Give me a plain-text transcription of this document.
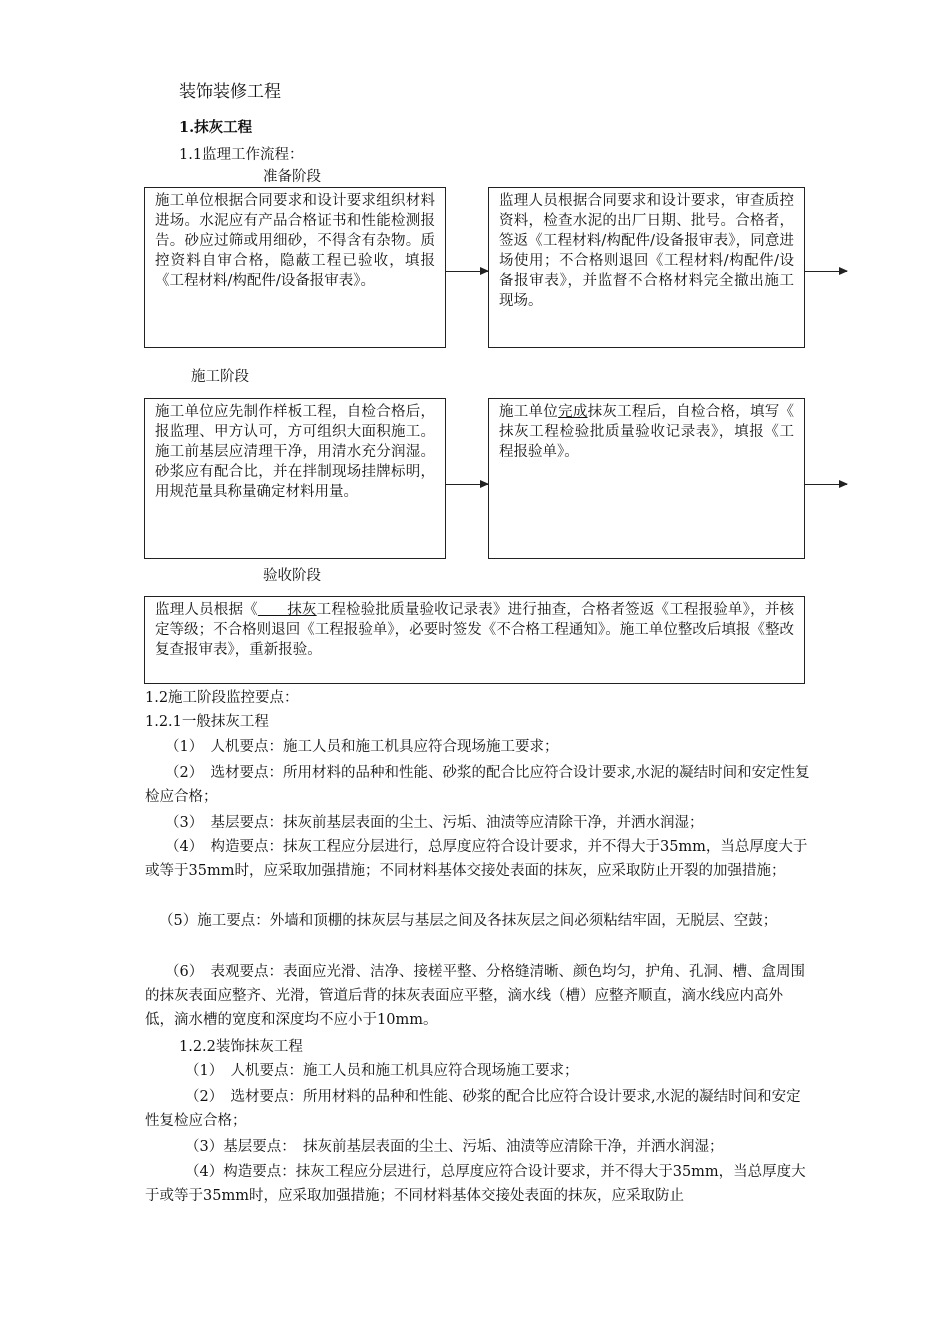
装饰装修工程
1.抹灰工程
1.1监理工作流程：
准备阶段
施工单位根据合同要求和设计要求组织材料进场。水泥应有产品合格证书和性能检测报告。砂应过筛或用细砂，不得含有杂物。质控资料自审合格，隐蔽工程已验收，填报《工程材料/构配件/设备报审表》。
监理人员根据合同要求和设计要求，审查质控资料，检查水泥的出厂日期、批号。合格者，签返《工程材料/构配件/设备报审表》，同意进场使用；不合格则退回《工程材料/构配件/设备报审表》，并监督不合格材料完全撤出施工现场。
施工阶段
施工单位应先制作样板工程，自检合格后，报监理、甲方认可，方可组织大面积施工。施工前基层应清理干净，用清水充分润湿。砂浆应有配合比，并在拌制现场挂牌标明，用规范量具称量确定材料用量。
施工单位完成抹灰工程后，自检合格，填写《　　抹灰工程检验批质量验收记录表》，填报《工程报验单》。
验收阶段
监理人员根据《　　抹灰工程检验批质量验收记录表》进行抽查，合格者签返《工程报验单》，并核定等级；不合格则退回《工程报验单》，必要时签发《不合格工程通知》。施工单位整改后填报《整改复查报审表》，重新报验。
1.2施工阶段监控要点：
1.2.1一般抹灰工程
（1）　人机要点：施工人员和施工机具应符合现场施工要求；
（2）　选材要点：所用材料的品种和性能、砂浆的配合比应符合设计要求,水泥的凝结时间和安定性复检应合格；
（3）　基层要点：抹灰前基层表面的尘土、污垢、油渍等应清除干净，并洒水润湿；
（4）　构造要点：抹灰工程应分层进行，总厚度应符合设计要求，并不得大于35mm，当总厚度大于或等于35mm时，应采取加强措施；不同材料基体交接处表面的抹灰，应采取防止开裂的加强措施；
（5）施工要点：外墙和顶棚的抹灰层与基层之间及各抹灰层之间必须粘结牢固，无脱层、空鼓；
（6）　表观要点：表面应光滑、洁净、接槎平整、分格缝清晰、颜色均匀，护角、孔洞、槽、盒周围的抹灰表面应整齐、光滑，管道后背的抹灰表面应平整，滴水线（槽）应整齐顺直，滴水线应内高外低，滴水槽的宽度和深度均不应小于10mm。
1.2.2装饰抹灰工程
（1）　人机要点：施工人员和施工机具应符合现场施工要求；
（2）　选材要点：所用材料的品种和性能、砂浆的配合比应符合设计要求,水泥的凝结时间和安定性复检应合格；
（3）基层要点：　抹灰前基层表面的尘土、污垢、油渍等应清除干净，并洒水润湿；
（4）构造要点：抹灰工程应分层进行，总厚度应符合设计要求，并不得大于35mm，当总厚度大于或等于35mm时，应采取加强措施；不同材料基体交接处表面的抹灰，应采取防止
